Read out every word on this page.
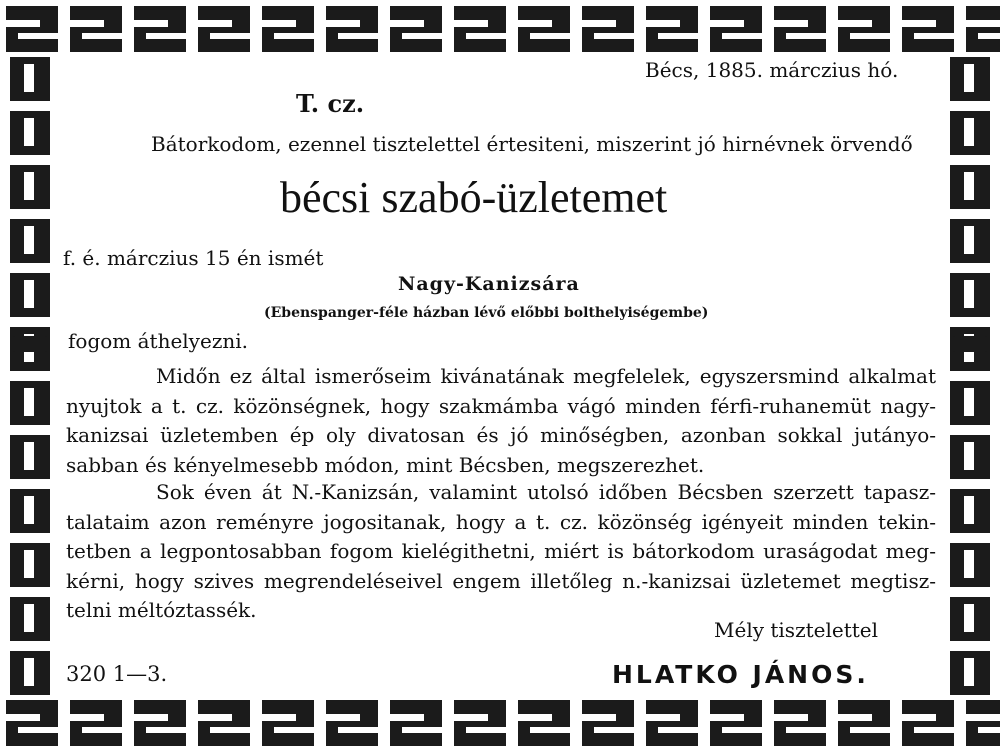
Bécs, 1885. márczius hó.
T. cz.
Bátorkodom, ezennel tisztelettel értesiteni, miszerint jó hirnévnek örvendő
bécsi szabó-üzletemet
f. é. márczius 15 én ismét
Nagy-Kanizsára
(Ebenspanger-féle házban lévő előbbi bolthelyiségembe)
fogom áthelyezni.
Midőn ez által ismerőseim kivánatának megfelelek, egyszersmind alkalmat
nyujtok a t. cz. közönségnek, hogy szakmámba vágó minden férfi-ruhanemüt nagy-
kanizsai üzletemben ép oly divatosan és jó minőségben, azonban sokkal jutányo-
sabban és kényelmesebb módon, mint Bécsben, megszerezhet.
Sok éven át N.-Kanizsán, valamint utolsó időben Bécsben szerzett tapasz-
talataim azon reményre jogositanak, hogy a t. cz. közönség igényeit minden tekin-
tetben a legpontosabban fogom kielégithetni, miért is bátorkodom uraságodat meg-
kérni, hogy szives megrendeléseivel engem illetőleg n.-kanizsai üzletemet megtisz-
telni méltóztassék.
Mély tisztelettel
320 1—3.	HLATKO JÁNOS.
